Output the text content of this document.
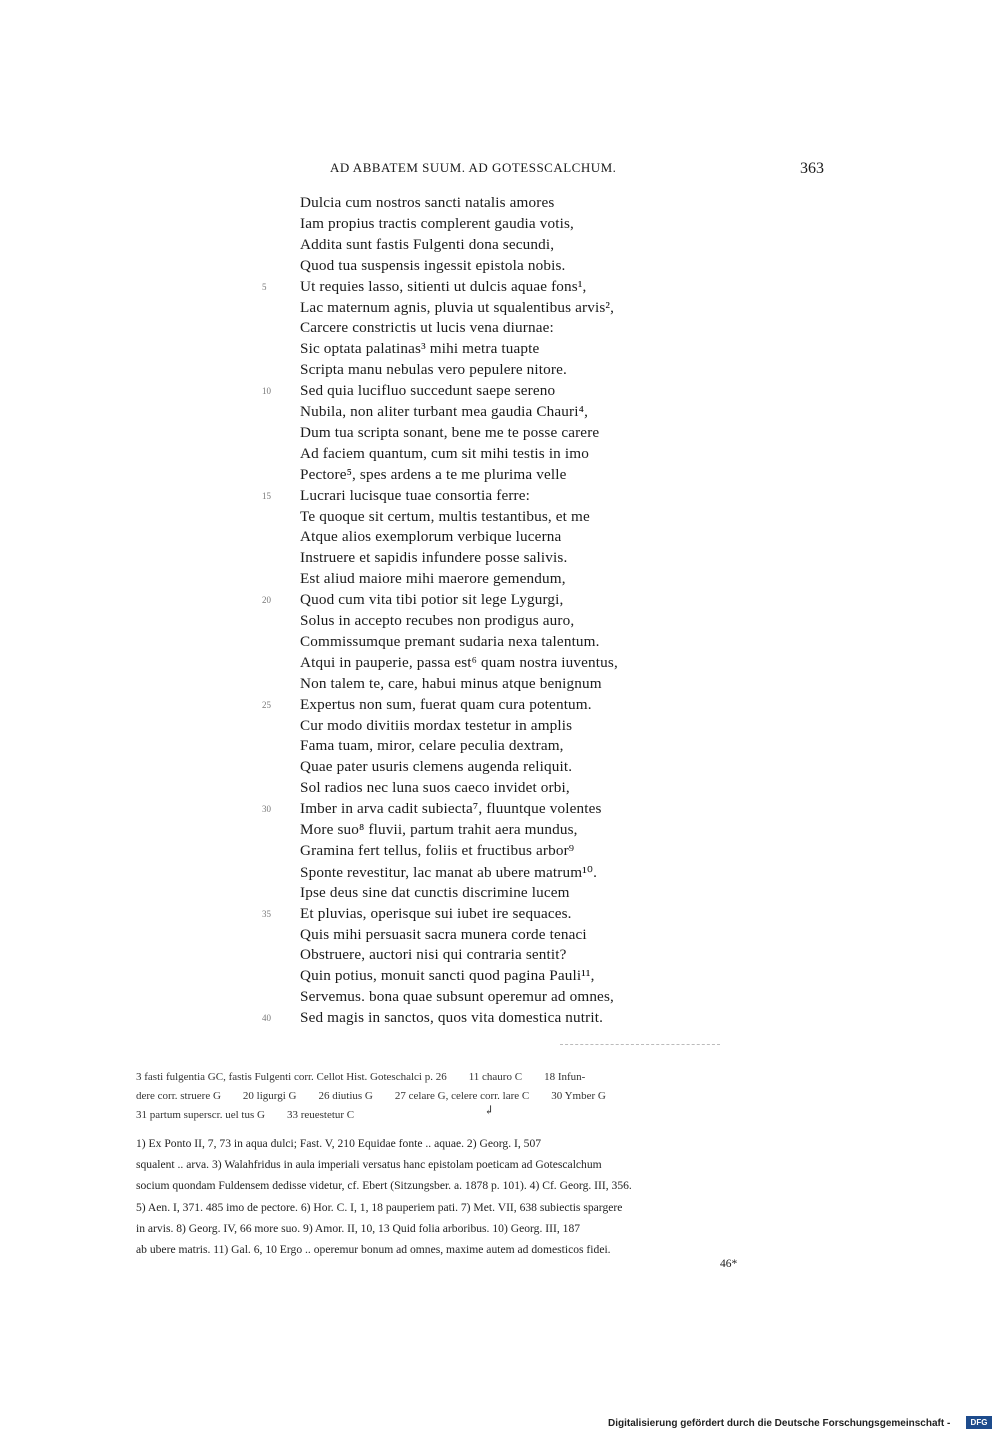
AD ABBATEM SUUM. AD GOTESSCALCHUM.	363
Dulcia cum nostros sancti natalis amores
Iam propius tractis complerent gaudia votis,
Addita sunt fastis Fulgenti dona secundi,
Quod tua suspensis ingessit epistola nobis.
Ut requies lasso, sitienti ut dulcis aquae fons¹,
Lac maternum agnis, pluvia ut squalentibus arvis²,
Carcere constrictis ut lucis vena diurnae:
Sic optata palatinas³ mihi metra tuapte
Scripta manu nebulas vero pepulere nitore.
Sed quia lucifluo succedunt saepe sereno
Nubila, non aliter turbant mea gaudia Chauri⁴,
Dum tua scripta sonant, bene me te posse carere
Ad faciem quantum, cum sit mihi testis in imo
Pectore⁵, spes ardens a te me plurima velle
Lucrari lucisque tuae consortia ferre:
Te quoque sit certum, multis testantibus, et me
Atque alios exemplorum verbique lucerna
Instruere et sapidis infundere posse salivis.
Est aliud maiore mihi maerore gemendum,
Quod cum vita tibi potior sit lege Lygurgi,
Solus in accepto recubes non prodigus auro,
Commissumque premant sudaria nexa talentum.
Atqui in pauperie, passa est⁶ quam nostra iuventus,
Non talem te, care, habui minus atque benignum
Expertus non sum, fuerat quam cura potentum.
Cur modo divitiis mordax testetur in amplis
Fama tuam, miror, celare peculia dextram,
Quae pater usuris clemens augenda reliquit.
Sol radios nec luna suos caeco invidet orbi,
Imber in arva cadit subiecta⁷, fluuntque volentes
More suo⁸ fluvii, partum trahit aera mundus,
Gramina fert tellus, foliis et fructibus arbor⁹
Sponte revestitur, lac manat ab ubere matrum¹⁰.
Ipse deus sine dat cunctis discrimine lucem
Et pluvias, operisque sui iubet ire sequaces.
Quis mihi persuasit sacra munera corde tenaci
Obstruere, auctori nisi qui contraria sentit?
Quin potius, monuit sancti quod pagina Pauli¹¹,
Servemus. bona quae subsunt operemur ad omnes,
Sed magis in sanctos, quos vita domestica nutrit.
5
10
15
20
25
30
35
40
3 fasti fulgentia GC, fastis Fulgenti corr. Cellot Hist. Goteschalci p. 26 11 chauro C 18 Infun-
dere corr. struere G 20 ligurgi G 26 diutius G 27 celare G, celere corr. lare C 30 Ymber G
31 partum superscr. uel tus G 33 reuestetur C	↲
1) Ex Ponto II, 7, 73 in aqua dulci; Fast. V, 210 Equidae fonte .. aquae. 2) Georg. I, 507
squalent .. arva. 3) Walahfridus in aula imperiali versatus hanc epistolam poeticam ad Gotescalchum
socium quondam Fuldensem dedisse videtur, cf. Ebert (Sitzungsber. a. 1878 p. 101). 4) Cf. Georg. III, 356.
5) Aen. I, 371. 485 imo de pectore. 6) Hor. C. I, 1, 18 pauperiem pati. 7) Met. VII, 638 subiectis spargere
in arvis. 8) Georg. IV, 66 more suo. 9) Amor. II, 10, 13 Quid folia arboribus. 10) Georg. III, 187
ab ubere matris. 11) Gal. 6, 10 Ergo .. operemur bonum ad omnes, maxime autem ad domesticos fidei.
46*
Digitalisierung gefördert durch die Deutsche Forschungsgemeinschaft -	DFG
